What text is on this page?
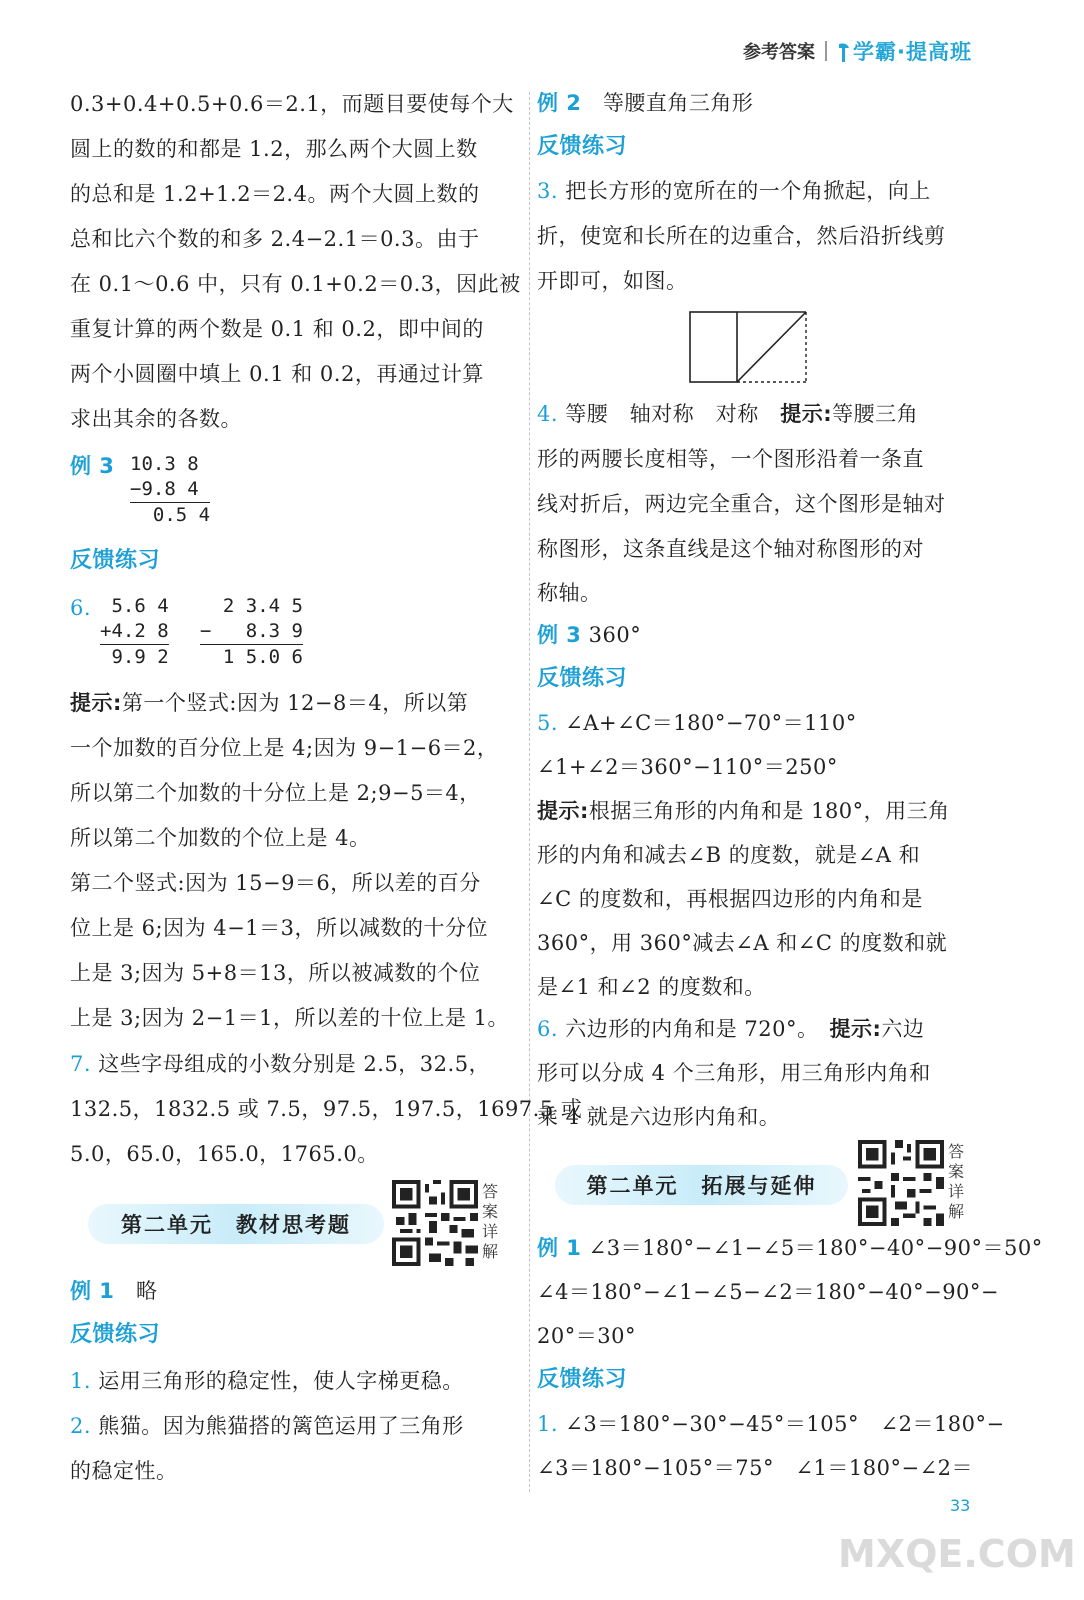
参考答案	学霸·提高班
0.3+0.4+0.5+0.6＝2.1，而题目要使每个大
圆上的数的和都是 1.2，那么两个大圆上数
的总和是 1.2+1.2＝2.4。两个大圆上数的
总和比六个数的和多 2.4−2.1＝0.3。由于
在 0.1～0.6 中，只有 0.1+0.2＝0.3，因此被
重复计算的两个数是 0.1 和 0.2，即中间的
两个小圆圈中填上 0.1 和 0.2，再通过计算
求出其余的各数。
例 3 10.3 8
−9.8 4
0.5 4
反馈练习
6. 5.6 4
+4.2 8
9.9 2
2 3.4 5
−   8.3 9
1 5.0 6
提示:第一个竖式:因为 12−8＝4，所以第
一个加数的百分位上是 4;因为 9−1−6＝2，
所以第二个加数的十分位上是 2;9−5＝4，
所以第二个加数的个位上是 4。
第二个竖式:因为 15−9＝6，所以差的百分
位上是 6;因为 4−1＝3，所以减数的十分位
上是 3;因为 5+8＝13，所以被减数的个位
上是 3;因为 2−1＝1，所以差的十位上是 1。
7. 这些字母组成的小数分别是 2.5，32.5，
132.5，1832.5 或 7.5，97.5，197.5，1697.5 或
5.0，65.0，165.0，1765.0。
第二单元　教材思考题
答案详解
例 1　 略
反馈练习
1. 运用三角形的稳定性，使人字梯更稳。
2. 熊猫。因为熊猫搭的篱笆运用了三角形
的稳定性。
例 2　 等腰直角三角形
反馈练习
3. 把长方形的宽所在的一个角掀起，向上
折，使宽和长所在的边重合，然后沿折线剪
开即可，如图。
4. 等腰　轴对称　对称　提示:等腰三角
形的两腰长度相等，一个图形沿着一条直
线对折后，两边完全重合，这个图形是轴对
称图形，这条直线是这个轴对称图形的对
称轴。
例 3 360°
反馈练习
5. ∠A+∠C＝180°−70°＝110°
∠1+∠2＝360°−110°＝250°
提示:根据三角形的内角和是 180°，用三角
形的内角和减去∠B 的度数，就是∠A 和
∠C 的度数和，再根据四边形的内角和是
360°，用 360°减去∠A 和∠C 的度数和就
是∠1 和∠2 的度数和。
6. 六边形的内角和是 720°。　 提示:六边
形可以分成 4 个三角形，用三角形内角和
乘 4 就是六边形内角和。
第二单元　拓展与延伸
答案详解
例 1 ∠3＝180°−∠1−∠5＝180°−40°−90°＝50°
∠4＝180°−∠1−∠5−∠2＝180°−40°−90°−
20°＝30°
反馈练习
1. ∠3＝180°−30°−45°＝105°　∠2＝180°−
∠3＝180°−105°＝75°　∠1＝180°−∠2＝
33
MXQE.COM
